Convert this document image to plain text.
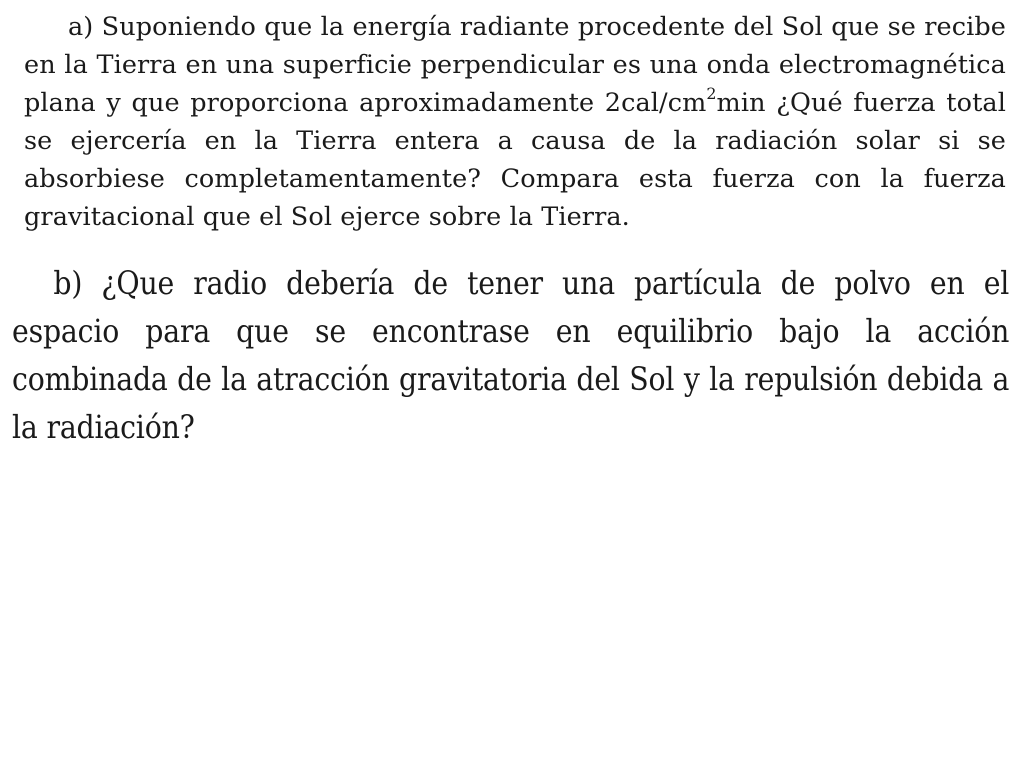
a) Suponiendo que la energía radiante procedente del Sol que se recibe en la Tierra en una superficie perpendicular es una onda electromagnética plana y que proporciona aproximadamente $2cal/cm^2\min$ ¿Qué fuerza total se ejercería en la Tierra entera a causa de la radiación solar si se absorbiese completamentamente? Compara esta fuerza con la fuerza gravitacional que el Sol ejerce sobre la Tierra.

b) ¿Que radio debería de tener una partícula de polvo en el espacio para que se encontrase en equilibrio bajo la acción combinada de la atracción gravitatoria del Sol y la repulsión debida a la radiación?
